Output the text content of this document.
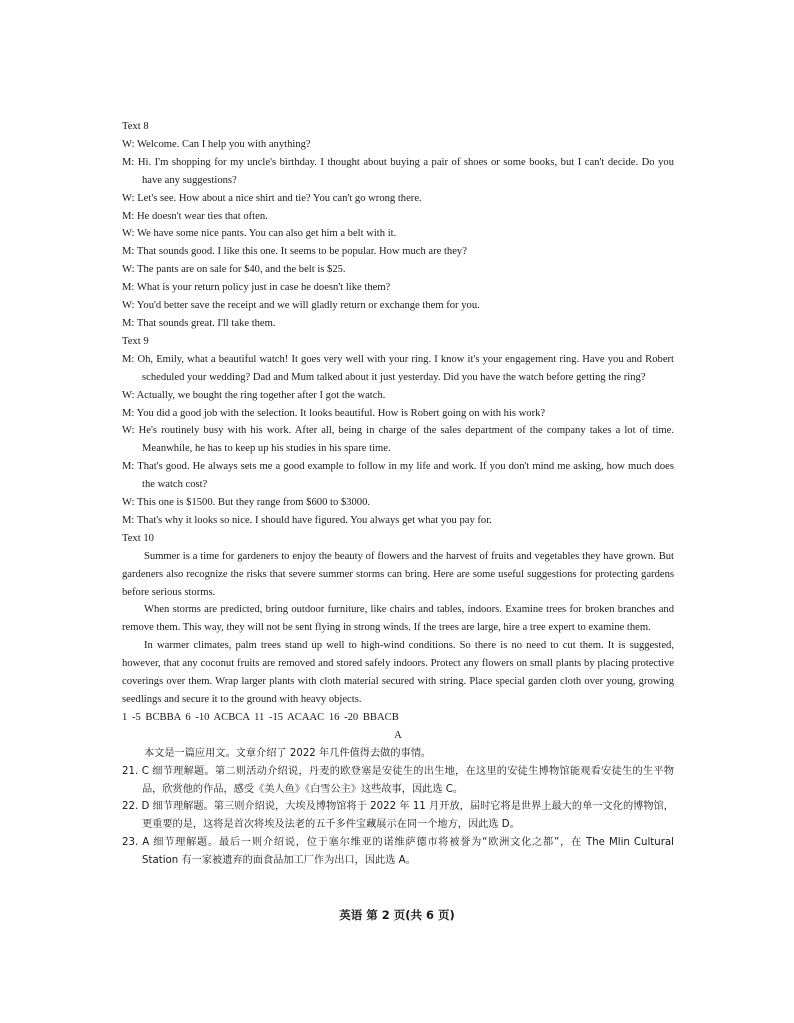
Text 8

W: Welcome. Can I help you with anything?

M: Hi. I'm shopping for my uncle's birthday. I thought about buying a pair of shoes or some books, but I can't decide. Do you have any suggestions?

W: Let's see. How about a nice shirt and tie? You can't go wrong there.

M: He doesn't wear ties that often.

W: We have some nice pants. You can also get him a belt with it.

M: That sounds good. I like this one. It seems to be popular. How much are they?

W: The pants are on sale for $40, and the belt is $25.

M: What is your return policy just in case he doesn't like them?

W: You'd better save the receipt and we will gladly return or exchange them for you.

M: That sounds great. I'll take them.

Text 9

M: Oh, Emily, what a beautiful watch! It goes very well with your ring. I know it's your engagement ring. Have you and Robert scheduled your wedding? Dad and Mum talked about it just yesterday. Did you have the watch before getting the ring?

W: Actually, we bought the ring together after I got the watch.

M: You did a good job with the selection. It looks beautiful. How is Robert going on with his work?

W: He's routinely busy with his work. After all, being in charge of the sales department of the company takes a lot of time. Meanwhile, he has to keep up his studies in his spare time.

M: That's good. He always sets me a good example to follow in my life and work. If you don't mind me asking, how much does the watch cost?

W: This one is $1500. But they range from $600 to $3000.

M: That's why it looks so nice. I should have figured. You always get what you pay for.

Text 10

Summer is a time for gardeners to enjoy the beauty of flowers and the harvest of fruits and vegetables they have grown. But gardeners also recognize the risks that severe summer storms can bring. Here are some useful suggestions for protecting gardens before serious storms.

When storms are predicted, bring outdoor furniture, like chairs and tables, indoors. Examine trees for broken branches and remove them. This way, they will not be sent flying in strong winds. If the trees are large, hire a tree expert to examine them.

In warmer climates, palm trees stand up well to high-wind conditions. So there is no need to cut them. It is suggested, however, that any coconut fruits are removed and stored safely indoors. Protect any flowers on small plants by placing protective coverings over them. Wrap larger plants with cloth material secured with string. Place special garden cloth over young, growing seedlings and secure it to the ground with heavy objects.

1 -5 BCBBA 6 -10 ACBCA 11 -15 ACAAC 16 -20 BBACB

A

本文是一篇应用文。文章介绍了 2022 年几件值得去做的事情。

21. C 细节理解题。第二则活动介绍说，丹麦的欧登塞是安徒生的出生地，在这里的安徒生博物馆能观看安徒生的生平物品，欣赏他的作品，感受《美人鱼》《白雪公主》这些故事，因此选 C。

22. D 细节理解题。第三则介绍说，大埃及博物馆将于 2022 年 11 月开放，届时它将是世界上最大的单一文化的博物馆，更重要的是，这将是首次将埃及法老的五千多件宝藏展示在同一个地方，因此选 D。

23. A 细节理解题。最后一则介绍说，位于塞尔维亚的诺维萨德市将被誉为“欧洲文化之都”，在 The Mlin Cultural Station 有一家被遗弃的面食品加工厂作为出口，因此选 A。

英语 第 2 页(共 6 页)
